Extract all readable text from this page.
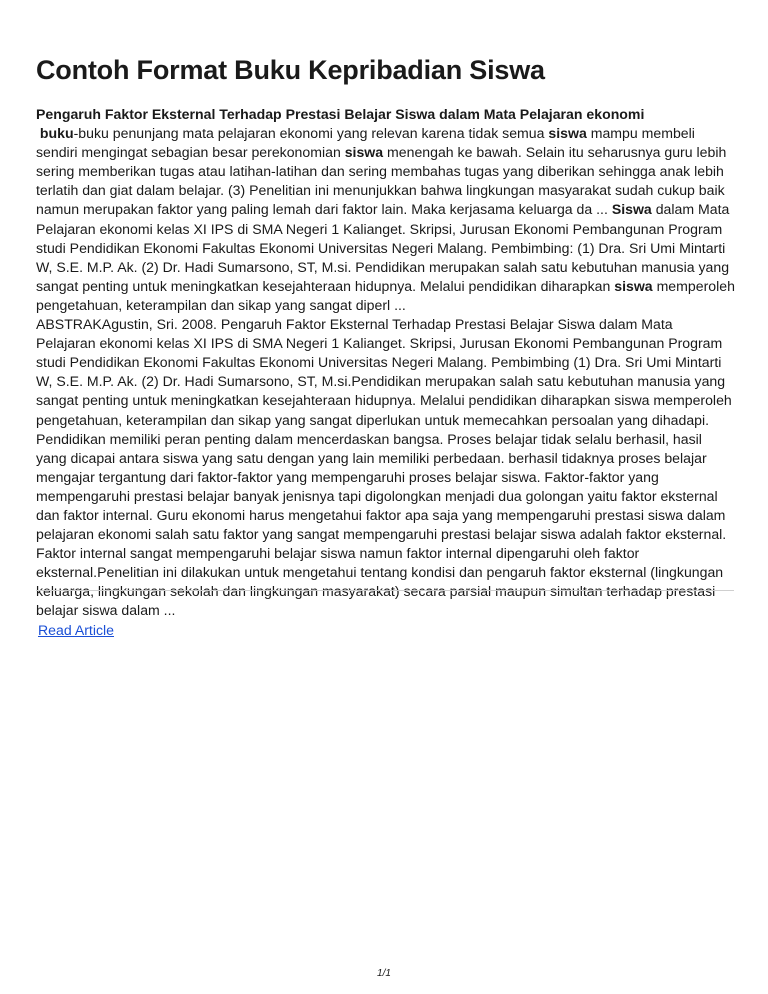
Contoh Format Buku Kepribadian Siswa

Pengaruh Faktor Eksternal Terhadap Prestasi Belajar Siswa dalam Mata Pelajaran ekonomi

buku-buku penunjang mata pelajaran ekonomi yang relevan karena tidak semua siswa mampu membeli sendiri mengingat sebagian besar perekonomian siswa menengah ke bawah. Selain itu seharusnya guru lebih sering memberikan tugas atau latihan-latihan dan sering membahas tugas yang diberikan sehingga anak lebih terlatih dan giat dalam belajar. (3) Penelitian ini menunjukkan bahwa lingkungan masyarakat sudah cukup baik namun merupakan faktor yang paling lemah dari faktor lain. Maka kerjasama keluarga da ... Siswa dalam Mata Pelajaran ekonomi kelas XI IPS di SMA Negeri 1 Kalianget. Skripsi, Jurusan Ekonomi Pembangunan Program studi Pendidikan Ekonomi Fakultas Ekonomi Universitas Negeri Malang. Pembimbing: (1) Dra. Sri Umi Mintarti W, S.E. M.P. Ak. (2) Dr. Hadi Sumarsono, ST, M.si. Pendidikan merupakan salah satu kebutuhan manusia yang sangat penting untuk meningkatkan kesejahteraan hidupnya. Melalui pendidikan diharapkan siswa memperoleh pengetahuan, keterampilan dan sikap yang sangat diperl ...

ABSTRAKAgustin, Sri. 2008. Pengaruh Faktor Eksternal Terhadap Prestasi Belajar Siswa dalam Mata Pelajaran ekonomi kelas XI IPS di SMA Negeri 1 Kalianget. Skripsi, Jurusan Ekonomi Pembangunan Program studi Pendidikan Ekonomi Fakultas Ekonomi Universitas Negeri Malang. Pembimbing (1) Dra. Sri Umi Mintarti W, S.E. M.P. Ak. (2) Dr. Hadi Sumarsono, ST, M.si.Pendidikan merupakan salah satu kebutuhan manusia yang sangat penting untuk meningkatkan kesejahteraan hidupnya. Melalui pendidikan diharapkan siswa memperoleh pengetahuan, keterampilan dan sikap yang sangat diperlukan untuk memecahkan persoalan yang dihadapi. Pendidikan memiliki peran penting dalam mencerdaskan bangsa. Proses belajar tidak selalu berhasil, hasil yang dicapai antara siswa yang satu dengan yang lain memiliki perbedaan. berhasil tidaknya proses belajar mengajar tergantung dari faktor-faktor yang mempengaruhi proses belajar siswa. Faktor-faktor yang mempengaruhi prestasi belajar banyak jenisnya tapi digolongkan menjadi dua golongan yaitu faktor eksternal dan faktor internal. Guru ekonomi harus mengetahui faktor apa saja yang mempengaruhi prestasi siswa dalam pelajaran ekonomi salah satu faktor yang sangat mempengaruhi prestasi belajar siswa adalah faktor eksternal. Faktor internal sangat mempengaruhi belajar siswa namun faktor internal dipengaruhi oleh faktor eksternal.Penelitian ini dilakukan untuk mengetahui tentang kondisi dan pengaruh faktor eksternal (lingkungan keluarga, lingkungan sekolah dan lingkungan masyarakat) secara parsial maupun simultan terhadap prestasi belajar siswa dalam ...

Read Article
1/1
